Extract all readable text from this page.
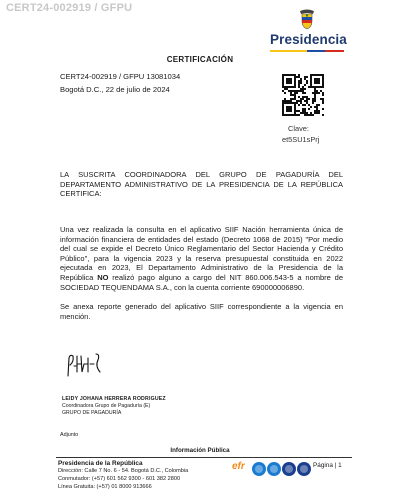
CERT24-002919 / GFPU
Presidencia
CERTIFICACIÓN
CERT24-002919 / GFPU 13081034
Bogotá D.C., 22 de julio de 2024
Clave:
et5SU1sPrj
LA SUSCRITA COORDINADORA DEL GRUPO DE PAGADURÍA DEL DEPARTAMENTO ADMINISTRATIVO DE LA PRESIDENCIA DE LA REPÚBLICA CERTIFICA:
Una vez realizada la consulta en el aplicativo SIIF Nación herramienta única de información financiera de entidades del estado (Decreto 1068 de 2015) "Por medio del cual se expide el Decreto Único Reglamentario del Sector Hacienda y Crédito Público", para la vigencia 2023 y la reserva presupuestal constituida en 2022 ejecutada en 2023, El Departamento Administrativo de la Presidencia de la República NO realizó pago alguno a cargo del NIT 860.006.543-5 a nombre de SOCIEDAD TEQUENDAMA S.A., con la cuenta corriente 690000006890.
Se anexa reporte generado del aplicativo SIIF correspondiente a la vigencia en mención.
LEIDY JOHANA HERRERA RODRIGUEZ
Coordinadora Grupo de Pagaduría (E)
GRUPO DE PAGADURÍA
Adjunto
Información Pública
Presidencia de la República
Dirección: Calle 7 No. 6 - 54. Bogotá D.C., Colombia
Conmutador: (+57) 601 562 9300 - 601 382 2800
Línea Gratuita: (+57) 01 8000 913666
efr	Página | 1
